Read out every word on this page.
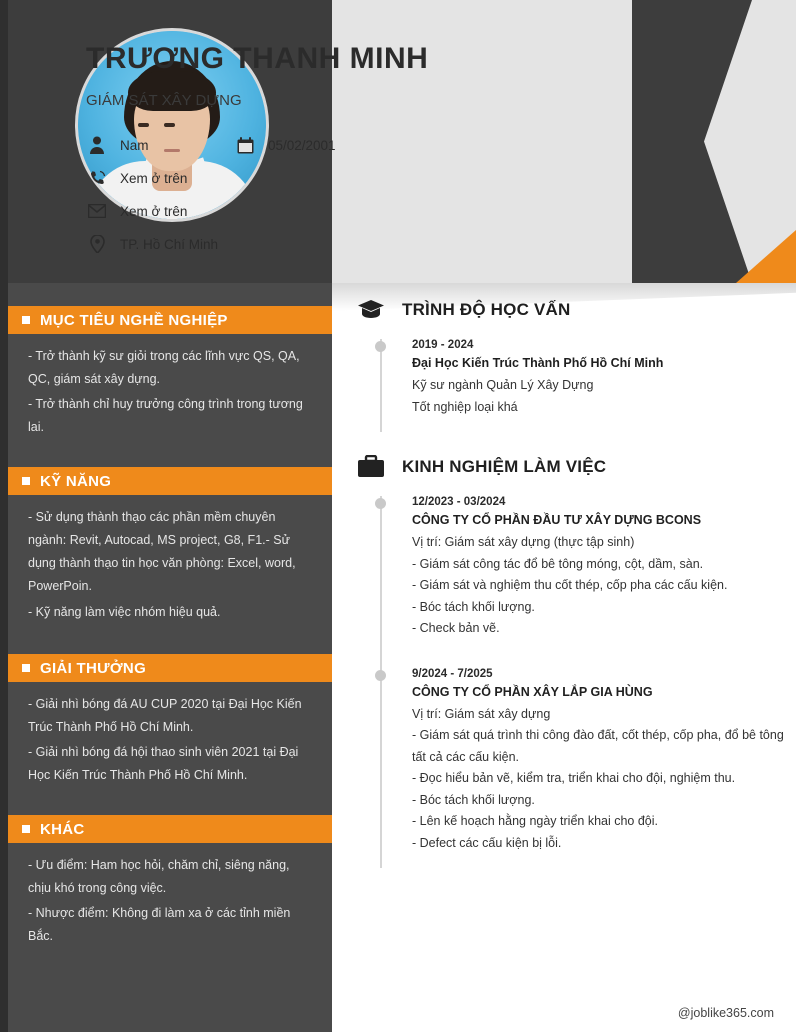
MỤC TIÊU NGHỀ NGHIỆP

- Trở thành kỹ sư giỏi trong các lĩnh vực QS, QA, QC, giám sát xây dựng.

- Trở thành chỉ huy trưởng công trình trong tương lai.

KỸ NĂNG

- Sử dụng thành thạo các phần mềm chuyên ngành: Revit, Autocad, MS project, G8, F1.- Sử dụng thành thạo tin học văn phòng: Excel, word, PowerPoin.

- Kỹ năng làm việc nhóm hiệu quả.

GIẢI THƯỞNG

- Giải nhì bóng đá AU CUP 2020 tại Đại Học Kiến Trúc Thành Phố Hồ Chí Minh.

- Giải nhì bóng đá hội thao sinh viên 2021 tại Đại Học Kiến Trúc Thành Phố Hồ Chí Minh.

KHÁC

- Ưu điểm: Ham học hỏi, chăm chỉ, siêng năng, chịu khó trong công việc.

- Nhược điểm: Không đi làm xa ở các tỉnh miền Bắc.

TRƯƠNG THANH MINH
GIÁM SÁT XÂY DỰNG
Nam	05/02/2001
Xem ở trên
Xem ở trên
TP. Hồ Chí Minh
TRÌNH ĐỘ HỌC VẤN
2019 - 2024
Đại Học Kiến Trúc Thành Phố Hồ Chí Minh
Kỹ sư ngành Quản Lý Xây Dựng
Tốt nghiệp loại khá
KINH NGHIỆM LÀM VIỆC
12/2023 - 03/2024
CÔNG TY CỔ PHẦN ĐẦU TƯ XÂY DỰNG BCONS
Vị trí: Giám sát xây dựng (thực tập sinh)
- Giám sát công tác đổ bê tông móng, cột, dầm, sàn.
- Giám sát và nghiệm thu cốt thép, cốp pha các cấu kiện.
- Bóc tách khối lượng.
- Check bản vẽ.
9/2024 - 7/2025
CÔNG TY CỔ PHẦN XÂY LẮP GIA HÙNG
Vị trí: Giám sát xây dựng
- Giám sát quá trình thi công đào đất, cốt thép, cốp pha, đổ bê tông tất cả các cấu kiện.
- Đọc hiểu bản vẽ, kiểm tra, triển khai cho đội, nghiệm thu.
- Bóc tách khối lượng.
- Lên kế hoạch hằng ngày triển khai cho đội.
- Defect các cấu kiện bị lỗi.
@joblike365.com
